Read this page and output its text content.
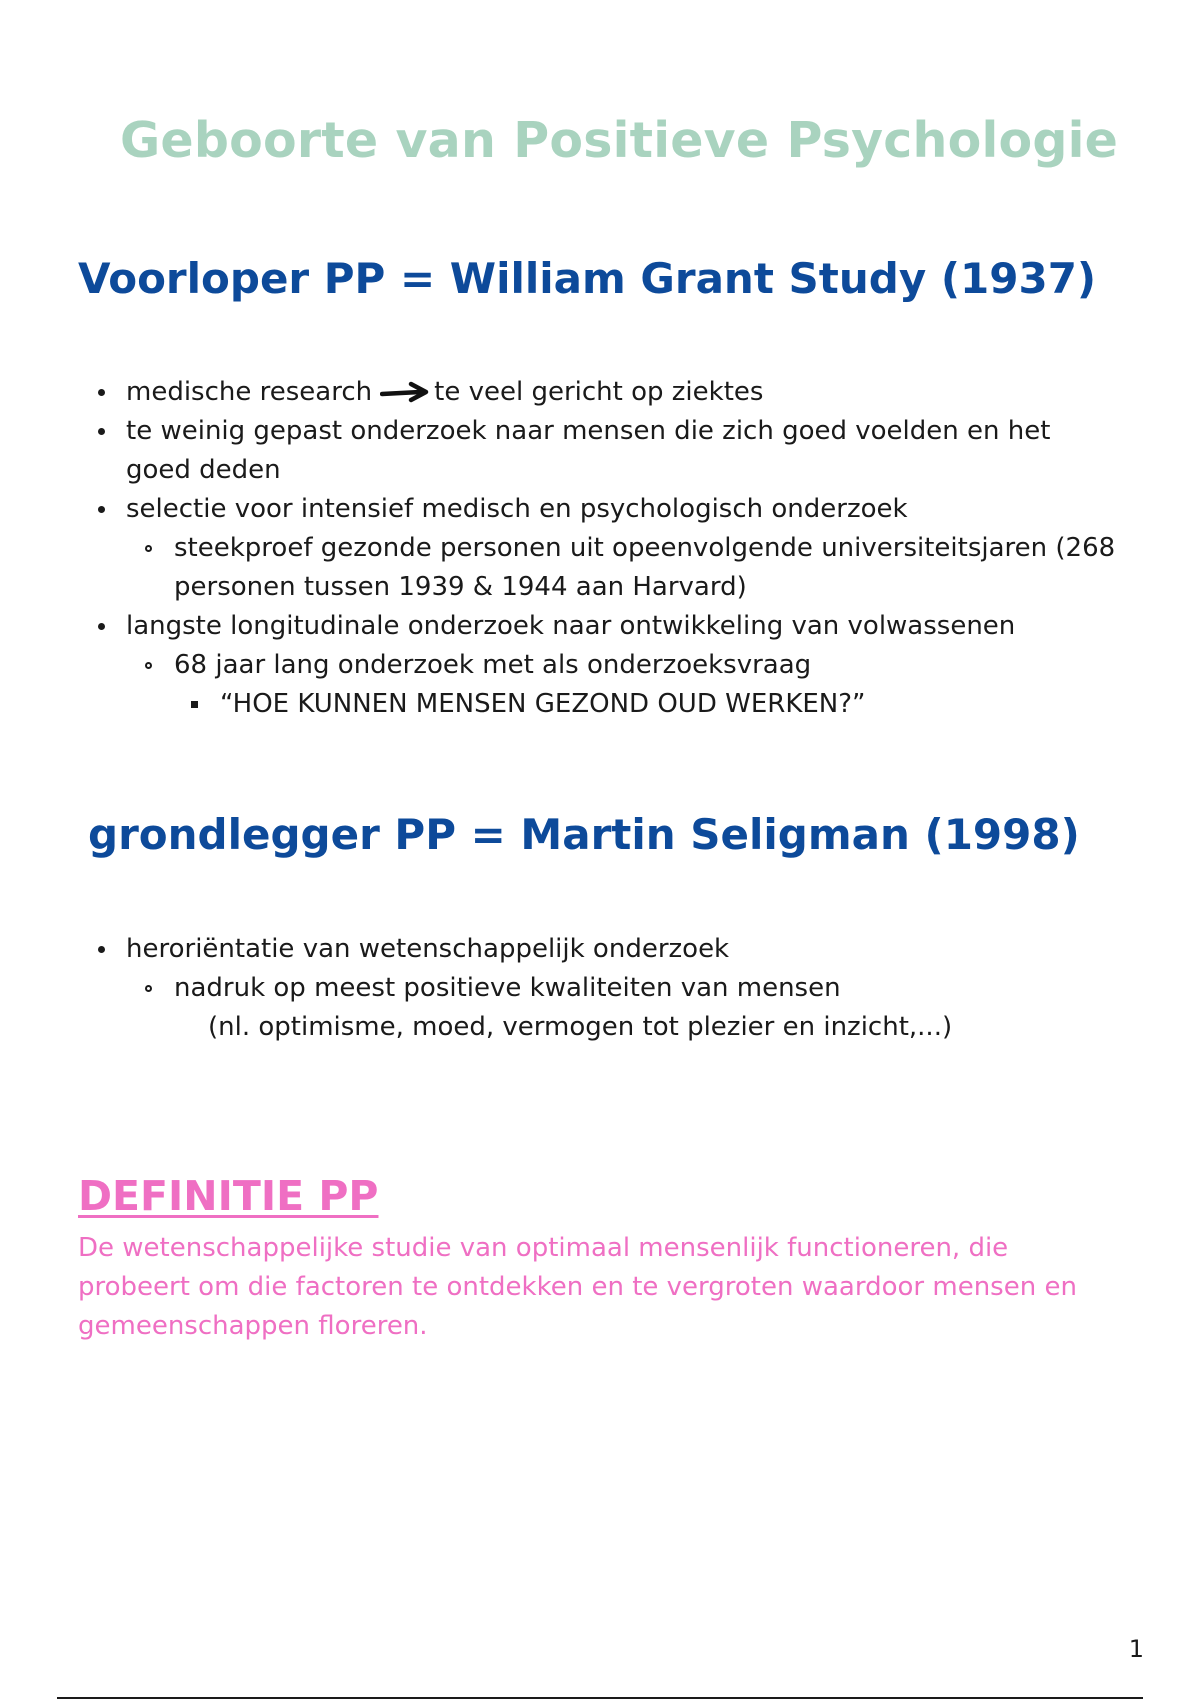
Geboorte van Positieve Psychologie
Voorloper PP = William Grant Study (1937)
medische research te veel gericht op ziektes
te weinig gepast onderzoek naar mensen die zich goed voelden en het goed deden
selectie voor intensief medisch en psychologisch onderzoek
steekproef gezonde personen uit opeenvolgende universiteitsjaren (268 personen tussen 1939 & 1944 aan Harvard)
langste longitudinale onderzoek naar ontwikkeling van volwassenen
68 jaar lang onderzoek met als onderzoeksvraag
“HOE KUNNEN MENSEN GEZOND OUD WERKEN?”
grondlegger PP = Martin Seligman (1998)
heroriëntatie van wetenschappelijk onderzoek
nadruk op meest positieve kwaliteiten van mensen
(nl. optimisme, moed, vermogen tot plezier en inzicht,...)
DEFINITIE PP

De wetenschappelijke studie van optimaal mensenlijk functioneren, die probeert om die factoren te ontdekken en te vergroten waardoor mensen en gemeenschappen floreren.

1
